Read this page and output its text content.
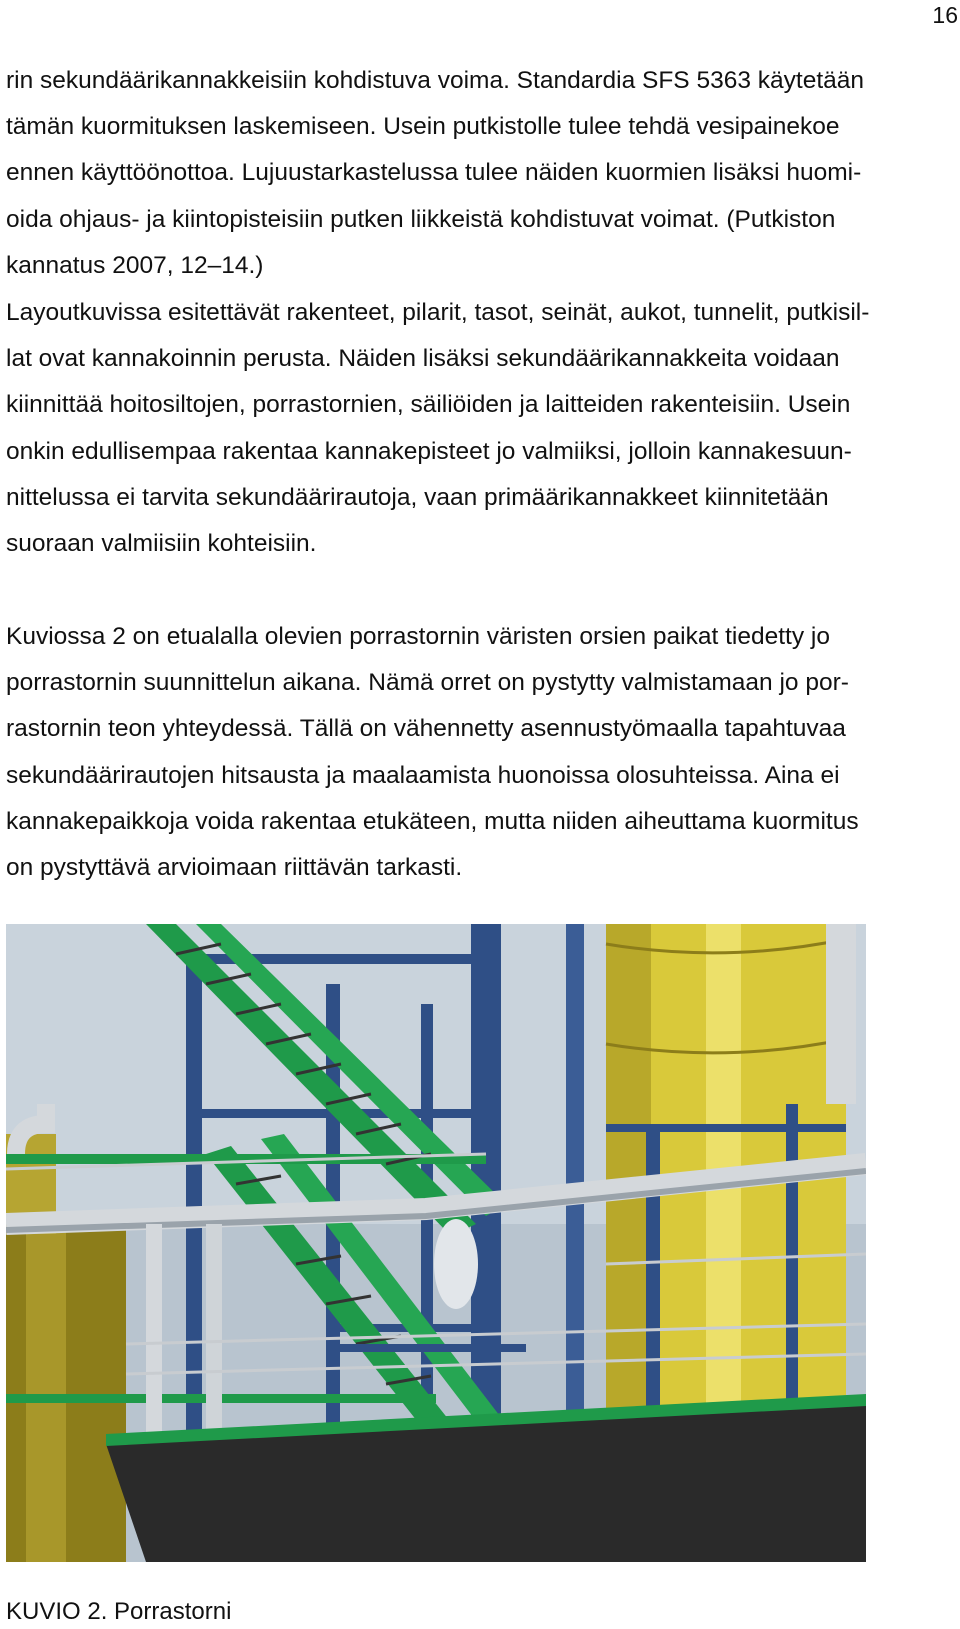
16

rin sekundäärikannakkeisiin kohdistuva voima. Standardia SFS 5363 käytetään

tämän kuormituksen laskemiseen. Usein putkistolle tulee tehdä vesipainekoe

ennen käyttöönottoa. Lujuustarkastelussa tulee näiden kuormien lisäksi huomi-

oida ohjaus- ja kiintopisteisiin putken liikkeistä kohdistuvat voimat. (Putkiston

kannatus 2007, 12–14.)

Layoutkuvissa esitettävät rakenteet, pilarit, tasot, seinät, aukot, tunnelit, putkisil-

lat ovat kannakoinnin perusta. Näiden lisäksi sekundäärikannakkeita voidaan

kiinnittää hoitosiltojen, porrastornien, säiliöiden ja laitteiden rakenteisiin. Usein

onkin edullisempaa rakentaa kannakepisteet jo valmiiksi, jolloin kannakesuun-

nittelussa ei tarvita sekundäärirautoja, vaan primäärikannakkeet kiinnitetään

suoraan valmiisiin kohteisiin.

Kuviossa 2 on etualalla olevien porrastornin väristen orsien paikat tiedetty jo

porrastornin suunnittelun aikana. Nämä orret on pystytty valmistamaan jo por-

rastornin teon yhteydessä. Tällä on vähennetty asennustyömaalla tapahtuvaa

sekundäärirautojen hitsausta ja maalaamista huonoissa olosuhteissa. Aina ei

kannakepaikkoja voida rakentaa etukäteen, mutta niiden aiheuttama kuormitus

on pystyttävä arvioimaan riittävän tarkasti.

KUVIO 2. Porrastorni
